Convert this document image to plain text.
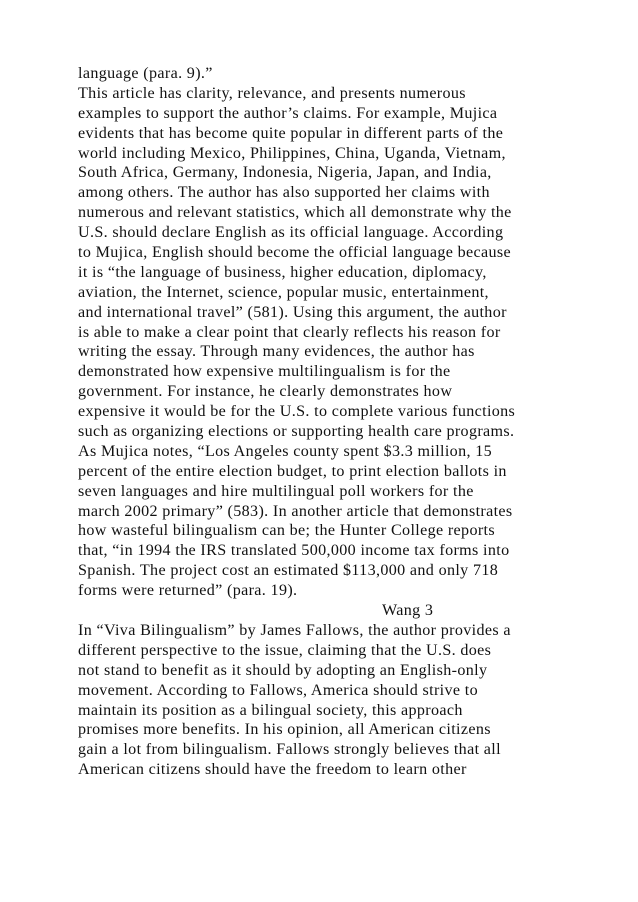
language (para. 9).”
This article has clarity, relevance, and presents numerous
examples to support the author’s claims. For example, Mujica
evidents that has become quite popular in different parts of the
world including Mexico, Philippines, China, Uganda, Vietnam,
South Africa, Germany, Indonesia, Nigeria, Japan, and India,
among others. The author has also supported her claims with
numerous and relevant statistics, which all demonstrate why the
U.S. should declare English as its official language. According
to Mujica, English should become the official language because
it is “the language of business, higher education, diplomacy,
aviation, the Internet, science, popular music, entertainment,
and international travel” (581). Using this argument, the author
is able to make a clear point that clearly reflects his reason for
writing the essay. Through many evidences, the author has
demonstrated how expensive multilingualism is for the
government. For instance, he clearly demonstrates how
expensive it would be for the U.S. to complete various functions
such as organizing elections or supporting health care programs.
As Mujica notes, “Los Angeles county spent $3.3 million, 15
percent of the entire election budget, to print election ballots in
seven languages and hire multilingual poll workers for the
march 2002 primary” (583). In another article that demonstrates
how wasteful bilingualism can be; the Hunter College reports
that, “in 1994 the IRS translated 500,000 income tax forms into
Spanish. The project cost an estimated $113,000 and only 718
forms were returned” (para. 19).
Wang 3
In “Viva Bilingualism” by James Fallows, the author provides a
different perspective to the issue, claiming that the U.S. does
not stand to benefit as it should by adopting an English-only
movement. According to Fallows, America should strive to
maintain its position as a bilingual society, this approach
promises more benefits. In his opinion, all American citizens
gain a lot from bilingualism. Fallows strongly believes that all
American citizens should have the freedom to learn other
